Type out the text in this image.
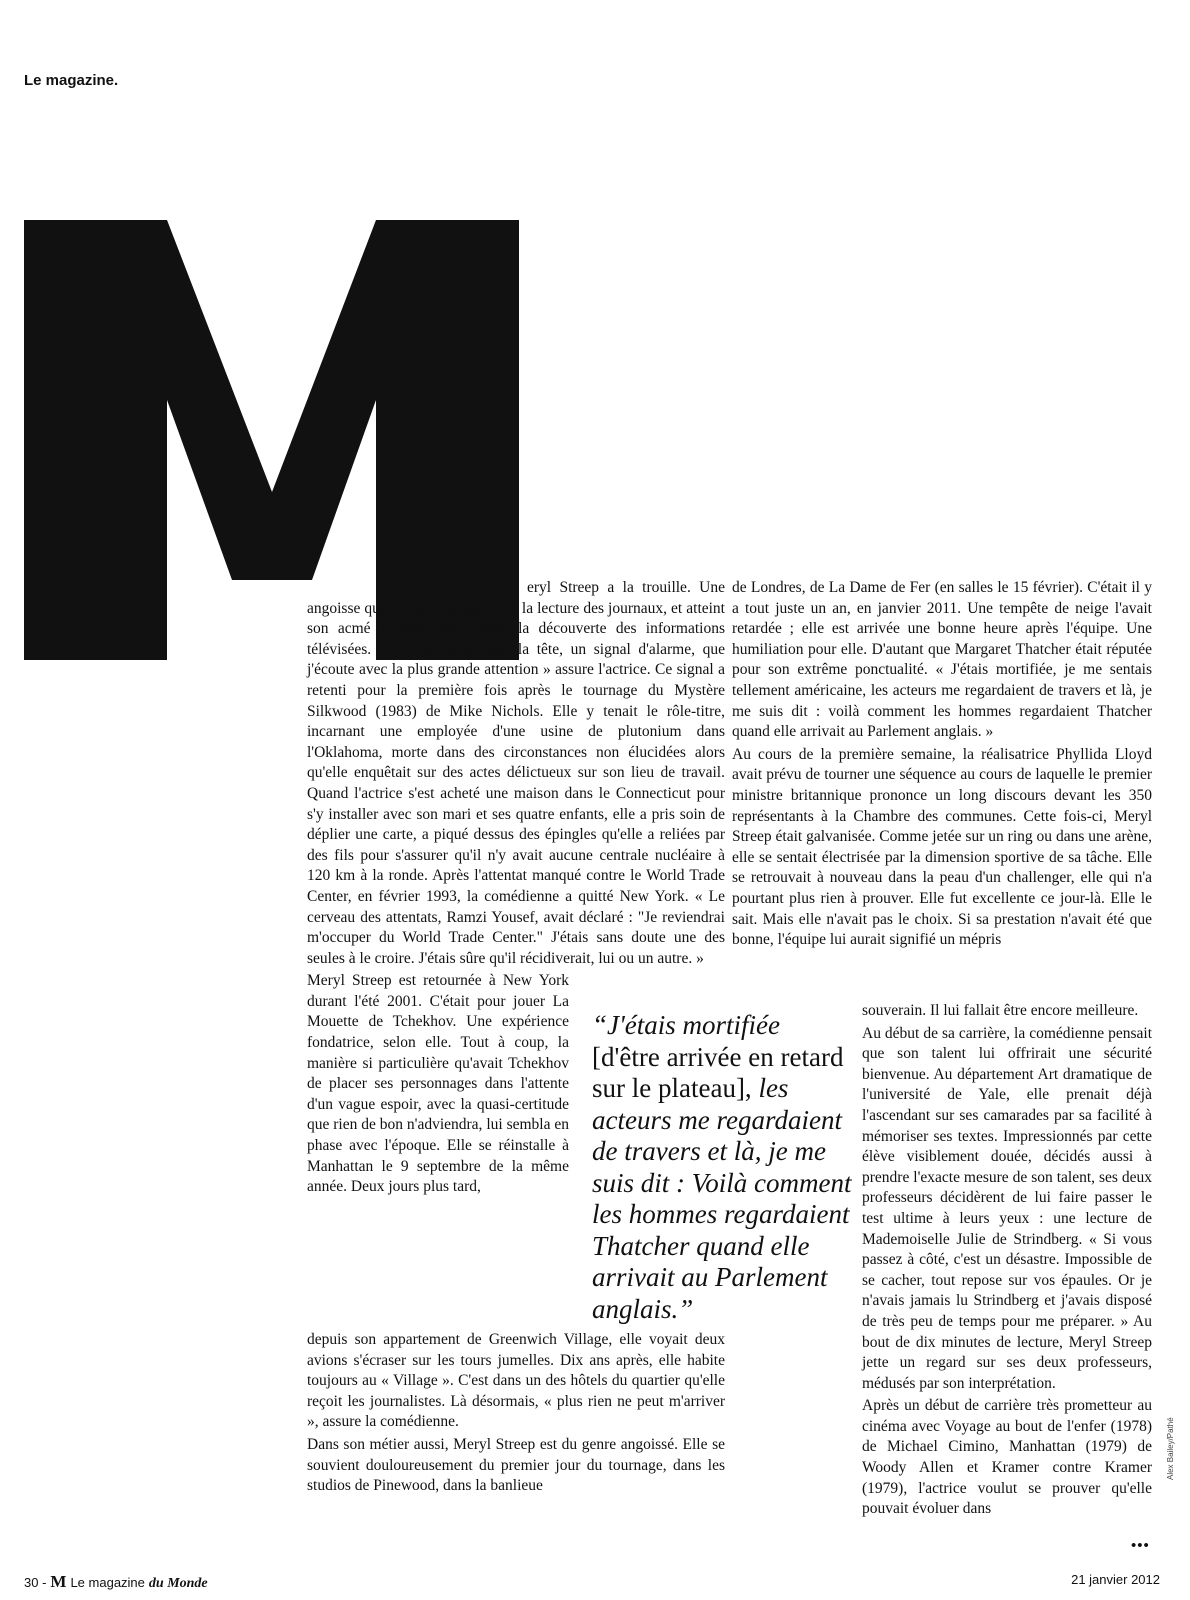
Le magazine.

eryl Streep a la trouille. Une angoisse qui monte le matin, avec la lecture des journaux, et atteint son acmé le soir venu, après la découverte des informations télévisées. « J'ai un bruit dans la tête, un signal d'alarme, que j'écoute avec la plus grande attention » assure l'actrice. Ce signal a retenti pour la première fois après le tournage du Mystère Silkwood (1983) de Mike Nichols. Elle y tenait le rôle-titre, incarnant une employée d'une usine de plutonium dans l'Oklahoma, morte dans des circonstances non élucidées alors qu'elle enquêtait sur des actes délictueux sur son lieu de travail. Quand l'actrice s'est acheté une maison dans le Connecticut pour s'y installer avec son mari et ses quatre enfants, elle a pris soin de déplier une carte, a piqué dessus des épingles qu'elle a reliées par des fils pour s'assurer qu'il n'y avait aucune centrale nucléaire à 120 km à la ronde. Après l'attentat manqué contre le World Trade Center, en février 1993, la comédienne a quitté New York. « Le cerveau des attentats, Ramzi Yousef, avait déclaré : "Je reviendrai m'occuper du World Trade Center." J'étais sans doute une des seules à le croire. J'étais sûre qu'il récidiverait, lui ou un autre. »

Meryl Streep est retournée à New York durant l'été 2001. C'était pour jouer La Mouette de Tchekhov. Une expérience fondatrice, selon elle. Tout à coup, la manière si particulière qu'avait Tchekhov de placer ses personnages dans l'attente d'un vague espoir, avec la quasi-certitude que rien de bon n'adviendra, lui sembla en phase avec l'époque. Elle se réinstalle à Manhattan le 9 septembre de la même année. Deux jours plus tard,

depuis son appartement de Greenwich Village, elle voyait deux avions s'écraser sur les tours jumelles. Dix ans après, elle habite toujours au « Village ». C'est dans un des hôtels du quartier qu'elle reçoit les journalistes. Là désormais, « plus rien ne peut m'arriver », assure la comédienne.

Dans son métier aussi, Meryl Streep est du genre angoissé. Elle se souvient douloureusement du premier jour du tournage, dans les studios de Pinewood, dans la banlieue

de Londres, de La Dame de Fer (en salles le 15 février). C'était il y a tout juste un an, en janvier 2011. Une tempête de neige l'avait retardée ; elle est arrivée une bonne heure après l'équipe. Une humiliation pour elle. D'autant que Margaret Thatcher était réputée pour son extrême ponctualité. « J'étais mortifiée, je me sentais tellement américaine, les acteurs me regardaient de travers et là, je me suis dit : voilà comment les hommes regardaient Thatcher quand elle arrivait au Parlement anglais. »

Au cours de la première semaine, la réalisatrice Phyllida Lloyd avait prévu de tourner une séquence au cours de laquelle le premier ministre britannique prononce un long discours devant les 350 représentants à la Chambre des communes. Cette fois-ci, Meryl Streep était galvanisée. Comme jetée sur un ring ou dans une arène, elle se sentait électrisée par la dimension sportive de sa tâche. Elle se retrouvait à nouveau dans la peau d'un challenger, elle qui n'a pourtant plus rien à prouver. Elle fut excellente ce jour-là. Elle le sait. Mais elle n'avait pas le choix. Si sa prestation n'avait été que bonne, l'équipe lui aurait signifié un mépris

souverain. Il lui fallait être encore meilleure.

Au début de sa carrière, la comédienne pensait que son talent lui offrirait une sécurité bienvenue. Au département Art dramatique de l'université de Yale, elle prenait déjà l'ascendant sur ses camarades par sa facilité à mémoriser ses textes. Impressionnés par cette élève visiblement douée, décidés aussi à prendre l'exacte mesure de son talent, ses deux professeurs décidèrent de lui faire passer le test ultime à leurs yeux : une lecture de Mademoiselle Julie de Strindberg. « Si vous passez à côté, c'est un désastre. Impossible de se cacher, tout repose sur vos épaules. Or je n'avais jamais lu Strindberg et j'avais disposé de très peu de temps pour me préparer. » Au bout de dix minutes de lecture, Meryl Streep jette un regard sur ses deux professeurs, médusés par son interprétation.

Après un début de carrière très prometteur au cinéma avec Voyage au bout de l'enfer (1978) de Michael Cimino, Manhattan (1979) de Woody Allen et Kramer contre Kramer (1979), l'actrice voulut se prouver qu'elle pouvait évoluer dans

“J'étais mortifiée [d'être arrivée en retard sur le plateau], les acteurs me regardaient de travers et là, je me suis dit : Voilà comment les hommes regardaient Thatcher quand elle arrivait au Parlement anglais.”
•••
30 - M Le magazine du Monde	21 janvier 2012
Alex Bailey/Pathé
